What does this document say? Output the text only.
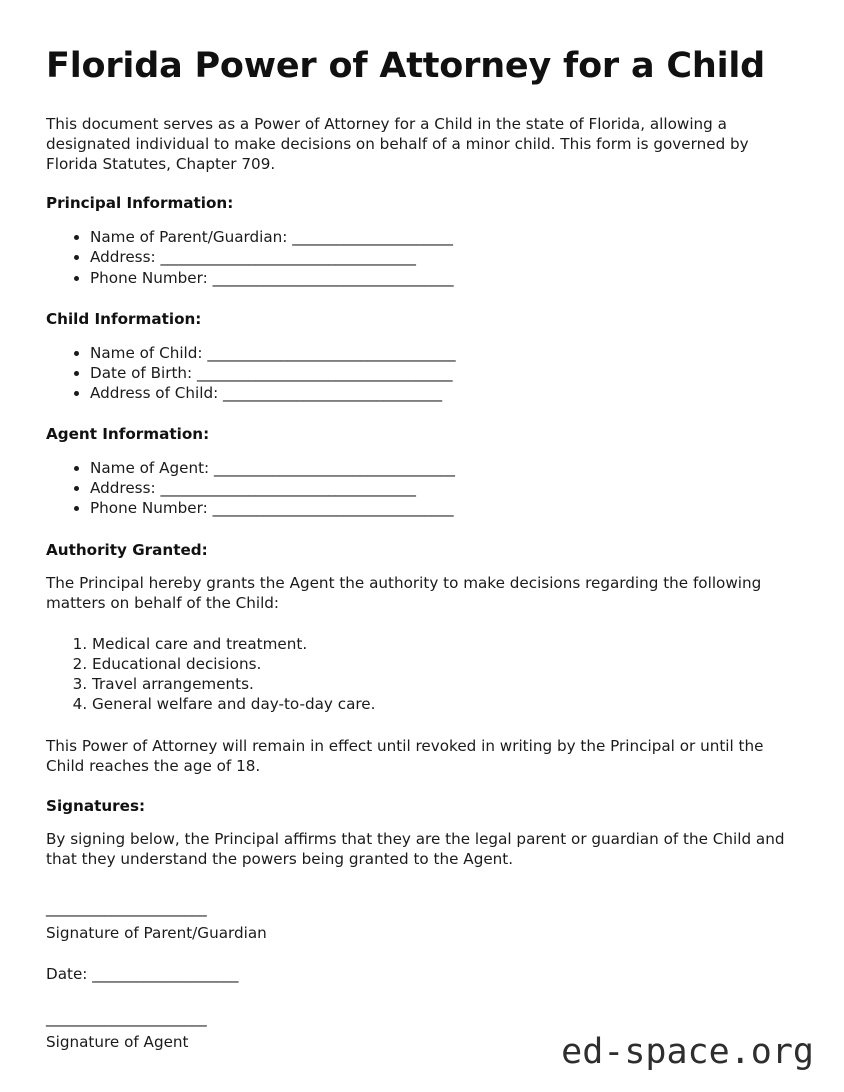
Florida Power of Attorney for a Child

This document serves as a Power of Attorney for a Child in the state of Florida, allowing a designated individual to make decisions on behalf of a minor child. This form is governed by Florida Statutes, Chapter 709.

Principal Information:
• Name of Parent/Guardian: ______________________
• Address: ___________________________________
• Phone Number: _________________________________
Child Information:
• Name of Child: __________________________________
• Date of Birth: ___________________________________
• Address of Child: ______________________________
Agent Information:
• Name of Agent: _________________________________
• Address: ___________________________________
• Phone Number: _________________________________
Authority Granted:

The Principal hereby grants the Agent the authority to make decisions regarding the following matters on behalf of the Child:

1. Medical care and treatment.
2. Educational decisions.
3. Travel arrangements.
4. General welfare and day-to-day care.

This Power of Attorney will remain in effect until revoked in writing by the Principal or until the Child reaches the age of 18.

Signatures:

By signing below, the Principal affirms that they are the legal parent or guardian of the Child and that they understand the powers being granted to the Agent.

______________________

Signature of Parent/Guardian

Date: ____________________

______________________

Signature of Agent	ed-space.org
